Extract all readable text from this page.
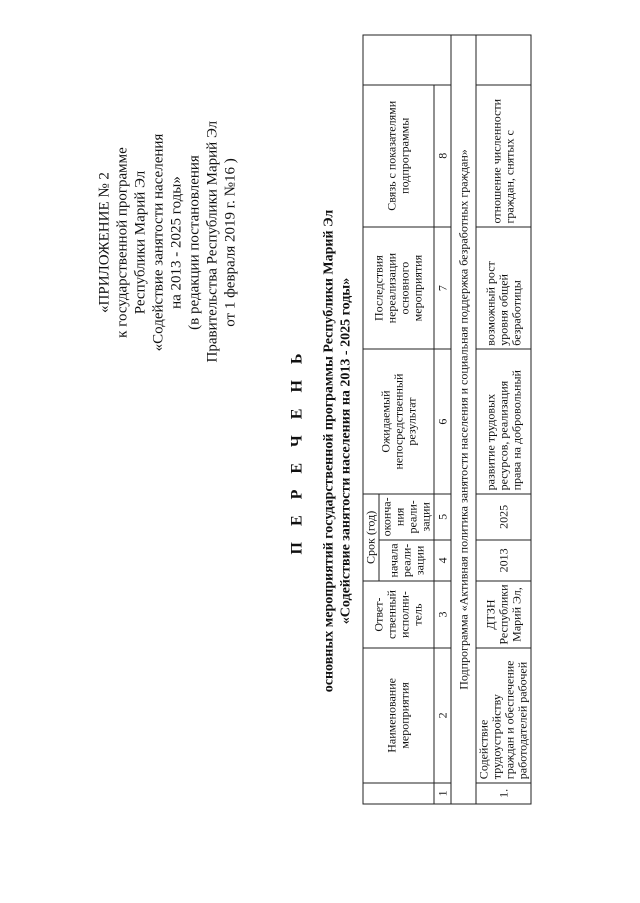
«ПРИЛОЖЕНИЕ № 2 к государственной программе Республики Марий Эл «Содействие занятости населения на 2013 - 2025 годы» (в редакции постановления Правительства Республики Марий Эл от 1 февраля 2019 г. №16 )
П Е Р Е Ч Е Н Ь основных мероприятий государственной программы Республики Марий Эл «Содействие занятости населения на 2013 - 2025 годы»
	Наименование мероприятия	Ответ-ственный исполни-тель	Срок (год)		Ожидаемый непосредственный результат	Последствия нереализации основного мероприятия	Связь с показателями подпрограммы	
			начала реали-зации	оконча-ния реали-зации				
1	2	3	4	5	6	7	8	
Подпрограмма «Активная политика занятости населения и социальная поддержка безработных граждан»								
1.	Содействие трудоустройству граждан и обеспечение работодателей рабочей	ДТЗН Республики Марий Эл,	2013	2025	развитие трудовых ресурсов, реализация права на добровольный	возможный рост уровня общей безработицы	отношение численности граждан, снятых с	
